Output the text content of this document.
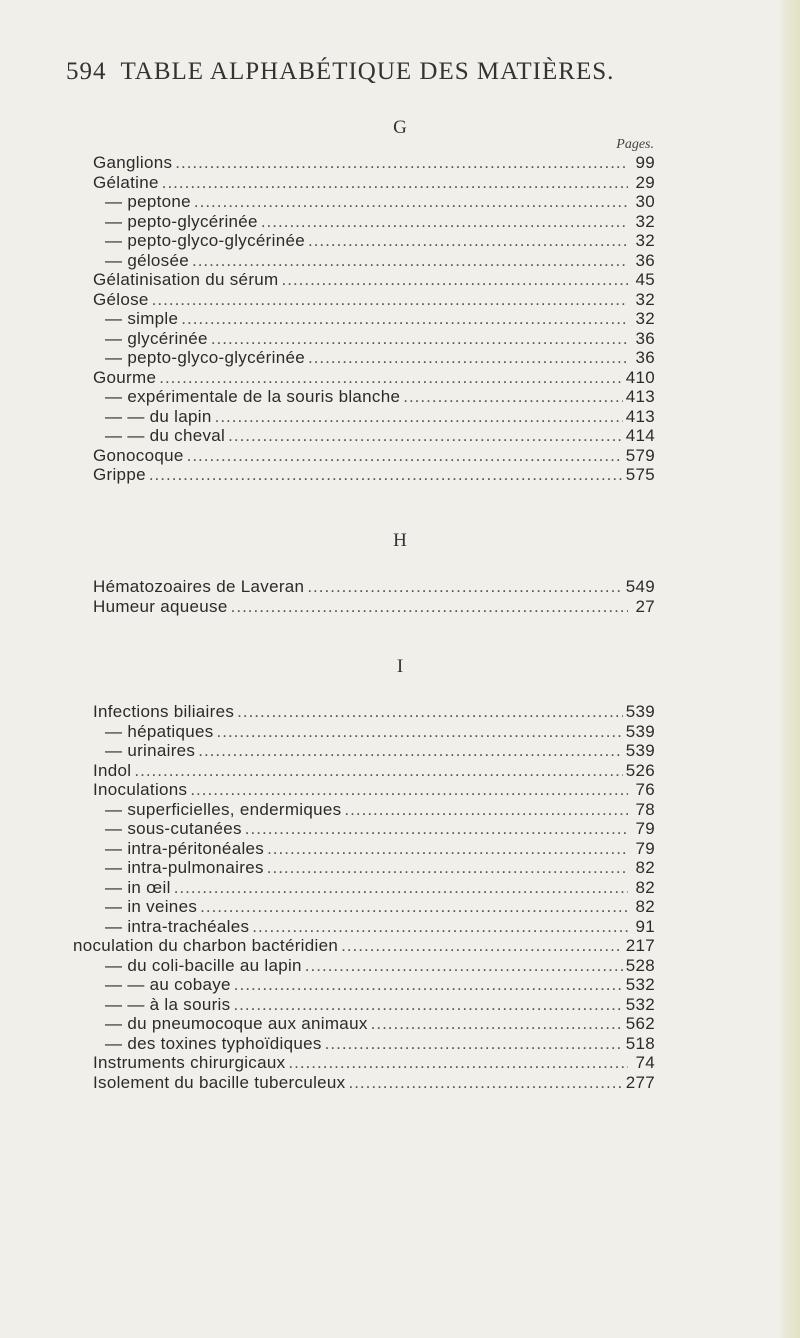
594 TABLE ALPHABÉTIQUE DES MATIÈRES.
G
Pages.
Ganglions .....	99
Gélatine .....	29
— peptone .....	30
— pepto-glycérinée .....	32
— pepto-glyco-glycérinée .....	32
— gélosée .....	36
Gélatinisation du sérum .....	45
Gélose .....	32
— simple .....	32
— glycérinée .....	36
— pepto-glyco-glycérinée .....	36
Gourme .....	410
— expérimentale de la souris blanche .....	413
— — du lapin .....	413
— — du cheval .....	414
Gonocoque .....	579
Grippe .....	575
H
Hématozoaires de Laveran .....	549
Humeur aqueuse .....	27
I
Infections biliaires .....	539
— hépatiques .....	539
— urinaires .....	539
Indol .....	526
Inoculations .....	76
— superficielles, endermiques .....	78
— sous-cutanées .....	79
— intra-péritonéales .....	79
— intra-pulmonaires .....	82
— in œil .....	82
— in veines .....	82
— intra-trachéales .....	91
noculation du charbon bactéridien .....	217
— du coli-bacille au lapin .....	528
— — au cobaye .....	532
— — à la souris .....	532
— du pneumocoque aux animaux .....	562
— des toxines typhoïdiques .....	518
Instruments chirurgicaux .....	74
Isolement du bacille tuberculeux .....	277
